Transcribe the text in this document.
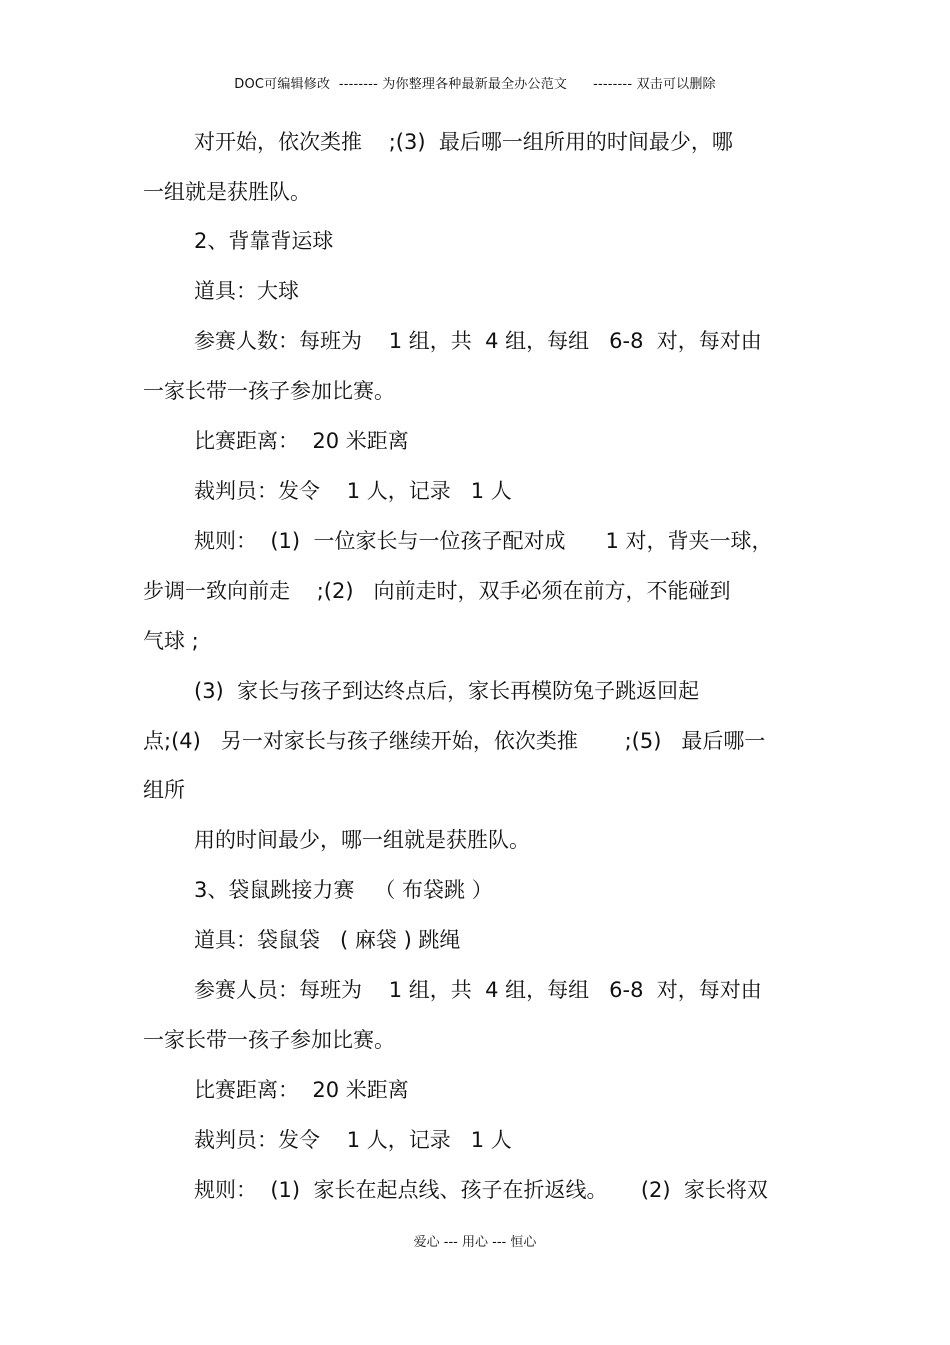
DOC可编辑修改  -------- 为你整理各种最新最全办公范文      -------- 双击可以删除
对开始，依次类推    ;(3)  最后哪一组所用的时间最少，哪
一组就是获胜队。
2、背靠背运球
道具：大球
参赛人数：每班为    1 组，共  4 组，每组   6-8  对，每对由
一家长带一孩子参加比赛。
比赛距离：  20 米距离
裁判员：发令    1 人，记录   1 人
规则：  (1)  一位家长与一位孩子配对成      1 对，背夹一球，
步调一致向前走    ;(2)   向前走时，双手必须在前方，不能碰到
气球 ;
(3)  家长与孩子到达终点后，家长再模防兔子跳返回起
点;(4)   另一对家长与孩子继续开始，依次类推       ;(5)   最后哪一
组所
用的时间最少，哪一组就是获胜队。
3、袋鼠跳接力赛   （ 布袋跳 ）
道具：袋鼠袋   ( 麻袋 ) 跳绳
参赛人员：每班为    1 组，共  4 组，每组   6-8  对，每对由
一家长带一孩子参加比赛。
比赛距离：  20 米距离
裁判员：发令    1 人，记录   1 人
规则：  (1)  家长在起点线、孩子在折返线。     (2)  家长将双
爱心 --- 用心 --- 恒心
